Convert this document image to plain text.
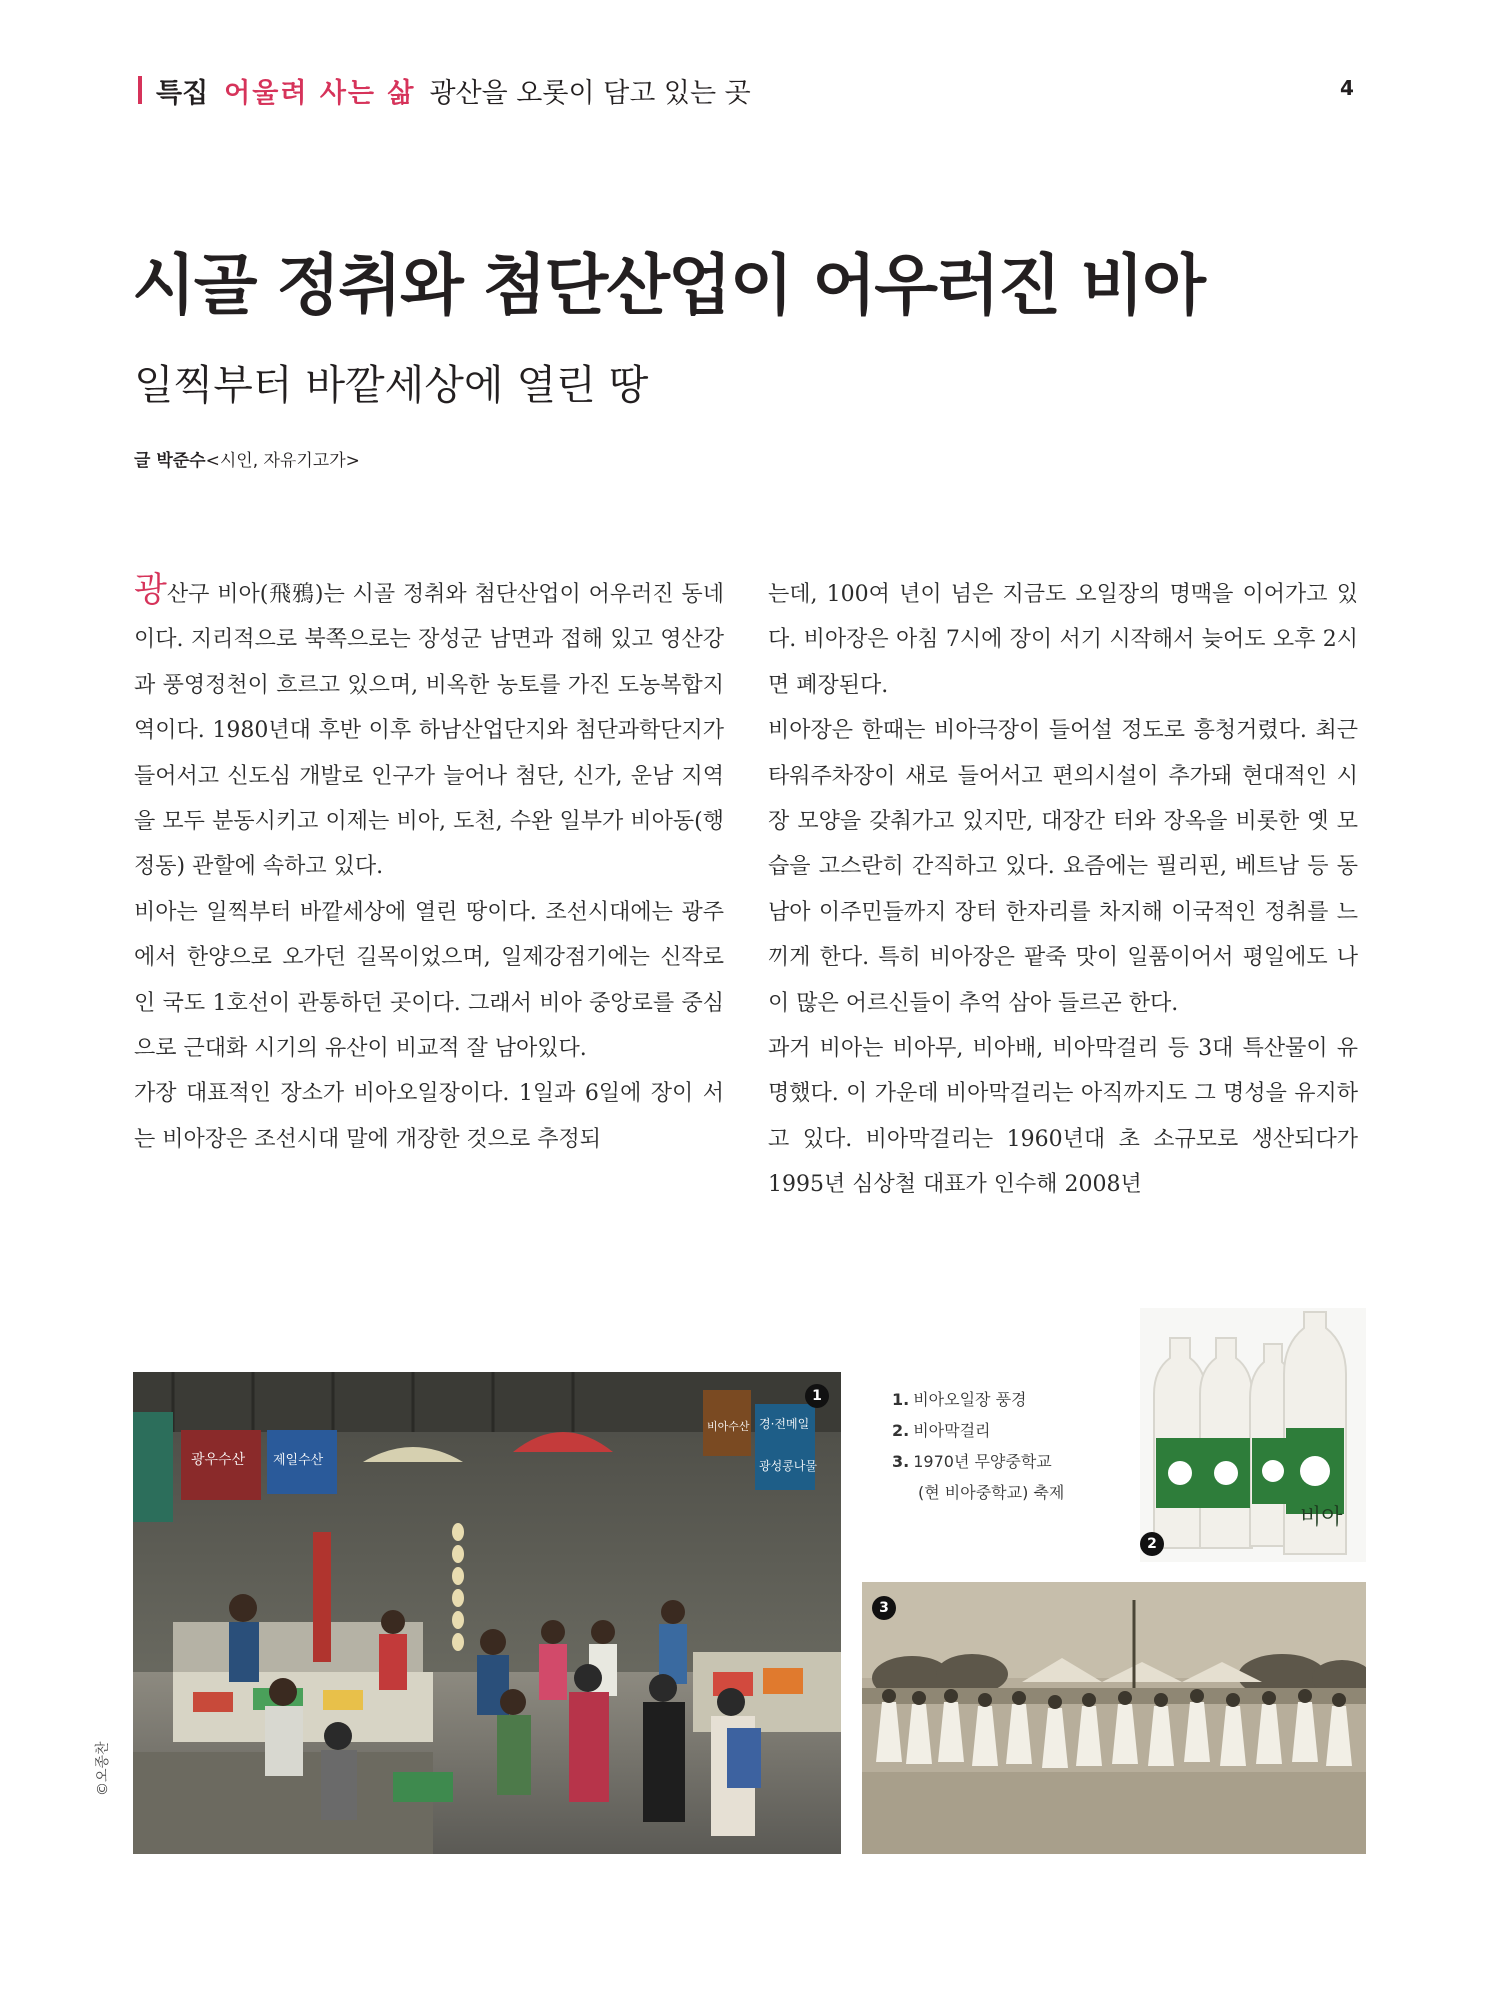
특집 어울려 사는 삶 광산을 오롯이 담고 있는 곳	4
시골 정취와 첨단산업이 어우러진 비아
일찍부터 바깥세상에 열린 땅
글 박준수<시인, 자유기고가>

광산구 비아(飛鴉)는 시골 정취와 첨단산업이 어우러진 동네이다. 지리적으로 북쪽으로는 장성군 남면과 접해 있고 영산강과 풍영정천이 흐르고 있으며, 비옥한 농토를 가진 도농복합지역이다. 1980년대 후반 이후 하남산업단지와 첨단과학단지가 들어서고 신도심 개발로 인구가 늘어나 첨단, 신가, 운남 지역을 모두 분동시키고 이제는 비아, 도천, 수완 일부가 비아동(행정동) 관할에 속하고 있다.

비아는 일찍부터 바깥세상에 열린 땅이다. 조선시대에는 광주에서 한양으로 오가던 길목이었으며, 일제강점기에는 신작로인 국도 1호선이 관통하던 곳이다. 그래서 비아 중앙로를 중심으로 근대화 시기의 유산이 비교적 잘 남아있다.

가장 대표적인 장소가 비아오일장이다. 1일과 6일에 장이 서는 비아장은 조선시대 말에 개장한 것으로 추정되

는데, 100여 년이 넘은 지금도 오일장의 명맥을 이어가고 있다. 비아장은 아침 7시에 장이 서기 시작해서 늦어도 오후 2시면 폐장된다.

비아장은 한때는 비아극장이 들어설 정도로 흥청거렸다. 최근 타워주차장이 새로 들어서고 편의시설이 추가돼 현대적인 시장 모양을 갖춰가고 있지만, 대장간 터와 장옥을 비롯한 옛 모습을 고스란히 간직하고 있다. 요즘에는 필리핀, 베트남 등 동남아 이주민들까지 장터 한자리를 차지해 이국적인 정취를 느끼게 한다. 특히 비아장은 팥죽 맛이 일품이어서 평일에도 나이 많은 어르신들이 추억 삼아 들르곤 한다.

과거 비아는 비아무, 비아배, 비아막걸리 등 3대 특산물이 유명했다. 이 가운데 비아막걸리는 아직까지도 그 명성을 유지하고 있다. 비아막걸리는 1960년대 초 소규모로 생산되다가 1995년 심상철 대표가 인수해 2008년

1. 비아오일장 풍경
2. 비아막걸리
3. 1970년 무양중학교
(현 비아중학교) 축제
광우수산 제일수산
경·전메일
광성콩나물
비아수산
1
©오종찬
비아
2
3
